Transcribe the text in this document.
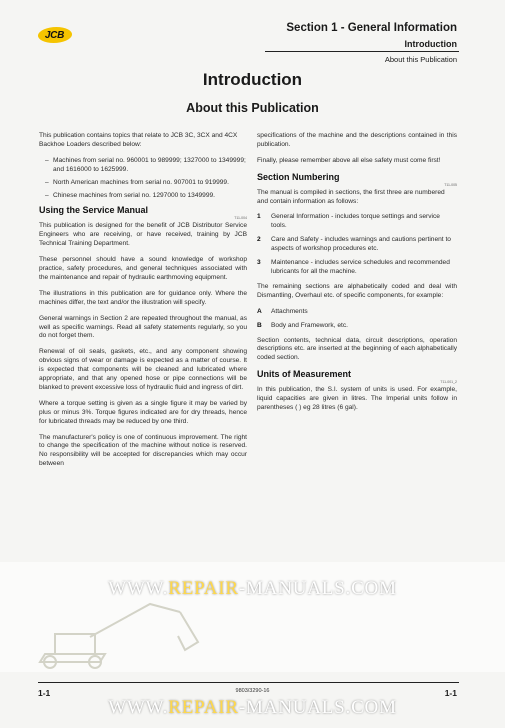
JCB
Section 1 - General Information
Introduction
About this Publication
Introduction
About this Publication

This publication contains topics that relate to JCB 3C, 3CX and 4CX Backhoe Loaders described below:

– Machines from serial no. 960001 to 989999; 1327000 to 1349999; and 1616000 to 1625999.
– North American machines from serial no. 907001 to 919999.
– Chinese machines from serial no. 1297000 to 1349999.
Using the Service Manual
T11-004

This publication is designed for the benefit of JCB Distributor Service Engineers who are receiving, or have received, training by JCB Technical Training Department.

These personnel should have a sound knowledge of workshop practice, safety procedures, and general techniques associated with the maintenance and repair of hydraulic earthmoving equipment.

The illustrations in this publication are for guidance only. Where the machines differ, the text and/or the illustration will specify.

General warnings in Section 2 are repeated throughout the manual, as well as specific warnings. Read all safety statements regularly, so you do not forget them.

Renewal of oil seals, gaskets, etc., and any component showing obvious signs of wear or damage is expected as a matter of course. It is expected that components will be cleaned and lubricated where appropriate, and that any opened hose or pipe connections will be blanked to prevent excessive loss of hydraulic fluid and ingress of dirt.

Where a torque setting is given as a single figure it may be varied by plus or minus 3%. Torque figures indicated are for dry threads, hence for lubricated threads may be reduced by one third.

The manufacturer's policy is one of continuous improvement. The right to change the specification of the machine without notice is reserved. No responsibility will be accepted for discrepancies which may occur between

specifications of the machine and the descriptions contained in this publication.

Finally, please remember above all else safety must come first!

Section Numbering
T11-005

The manual is compiled in sections, the first three are numbered and contain information as follows:

1	General Information - includes torque settings and service tools.
2	Care and Safety - includes warnings and cautions pertinent to aspects of workshop procedures etc.
3	Maintenance - includes service schedules and recommended lubricants for all the machine.

The remaining sections are alphabetically coded and deal with Dismantling, Overhaul etc. of specific components, for example:

A	Attachments
B	Body and Framework, etc.

Section contents, technical data, circuit descriptions, operation descriptions etc. are inserted at the beginning of each alphabetically coded section.

Units of Measurement
T11-001_2

In this publication, the S.I. system of units is used. For example, liquid capacities are given in litres. The Imperial units follow in parentheses ( ) eg 28 litres (6 gal).

WWW.REPAIR-MANUALS.COM
1-1	9803/3290-16	1-1
WWW.REPAIR-MANUALS.COM
